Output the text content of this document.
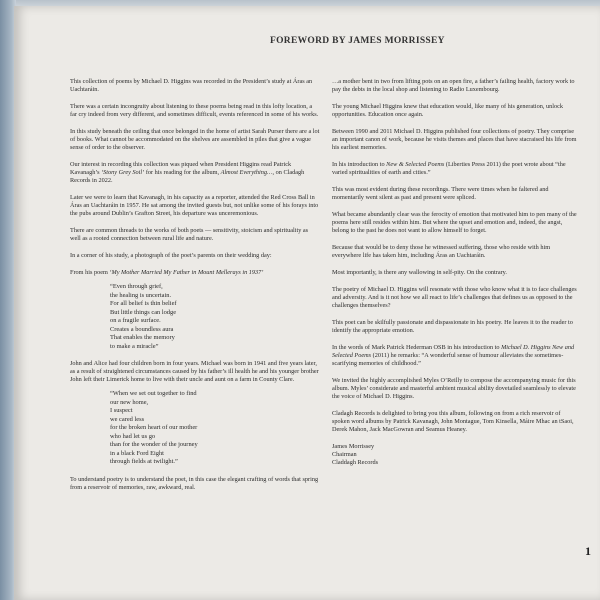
FOREWORD BY JAMES MORRISSEY

This collection of poems by Michael D. Higgins was recorded in the President’s study at Áras an Uachtaráin.

There was a certain incongruity about listening to these poems being read in this lofty location, a far cry indeed from very different, and sometimes difficult, events referenced in some of his works.

In this study beneath the ceiling that once belonged in the home of artist Sarah Purser there are a lot of books. What cannot be accommodated on the shelves are assembled in piles that give a vague sense of order to the observer.

Our interest in recording this collection was piqued when President Higgins read Patrick Kavanagh’s ‘Stony Grey Soil’ for his reading for the album, Almost Everything…, on Cladagh Records in 2022.

Later we were to learn that Kavanagh, in his capacity as a reporter, attended the Red Cross Ball in Áras an Uachtaráin in 1957. He sat among the invited guests but, not unlike some of his forays into the pubs around Dublin’s Grafton Street, his departure was unceremonious.

There are common threads to the works of both poets — sensitivity, stoicism and spirituality as well as a rooted connection between rural life and nature.

In a corner of his study, a photograph of the poet’s parents on their wedding day:

From his poem ‘My Mother Married My Father in Mount Mellerays in 1937’

“Even through grief,
the healing is uncertain.
For all belief is thin belief
But little things can lodge
on a fragile surface.
Creates a boundless aura
That enables the memory
to make a miracle”

John and Alice had four children born in four years. Michael was born in 1941 and five years later, as a result of straightened circumstances caused by his father’s ill health he and his younger brother John left their Limerick home to live with their uncle and aunt on a farm in County Clare.

“When we set out together to find
our new home,
I suspect
we cared less
for the broken heart of our mother
who had let us go
than for the wonder of the journey
in a black Ford Eight
through fields at twilight.”

To understand poetry is to understand the poet, in this case the elegant crafting of words that spring from a reservoir of memories, raw, awkward, real.

…a mother bent in two from lifting pots on an open fire, a father’s failing health, factory work to pay the debts in the local shop and listening to Radio Luxembourg.

The young Michael Higgins knew that education would, like many of his generation, unlock opportunities. Education once again.

Between 1990 and 2011 Michael D. Higgins published four collections of poetry. They comprise an important canon of work, because he visits themes and places that have stacraised his life from his earliest memories.

In his introduction to New & Selected Poems (Liberties Press 2011) the poet wrote about “the varied spiritualities of earth and cities.”

This was most evident during these recordings. There were times when he faltered and momentarily went silent as past and present were spliced.

What became abundantly clear was the ferocity of emotion that motivated him to pen many of the poems here still resides within him. But where the upset and emotion and, indeed, the angst, belong to the past he does not want to allow himself to forget.

Because that would be to deny those he witnessed suffering, those who reside with him everywhere life has taken him, including Áras an Uachtaráin.

Most importantly, is there any wallowing in self-pity. On the contrary.

The poetry of Michael D. Higgins will resonate with those who know what it is to face challenges and adversity. And is it not how we all react to life’s challenges that defines us as opposed to the challenges themselves?

This poet can be skilfully passionate and dispassionate in his poetry. He leaves it to the reader to identify the appropriate emotion.

In the words of Mark Patrick Hederman OSB in his introduction to Michael D. Higgins New and Selected Poems (2011) he remarks: “A wonderful sense of humour alleviates the sometimes-scarifying memories of childhood.”

We invited the highly accomplished Myles O’Reilly to compose the accompanying music for this album. Myles’ considerate and masterful ambient musical ability dovetailed seamlessly to elevate the voice of Michael D. Higgins.

Cladagh Records is delighted to bring you this album, following on from a rich reservoir of spoken word albums by Patrick Kavanagh, John Montague, Tom Kinsella, Máire Mhac an tSaoi, Derek Mahon, Jack MacGowran and Seamus Heaney.

James Morrissey
Chairman
Claddagh Records
1
